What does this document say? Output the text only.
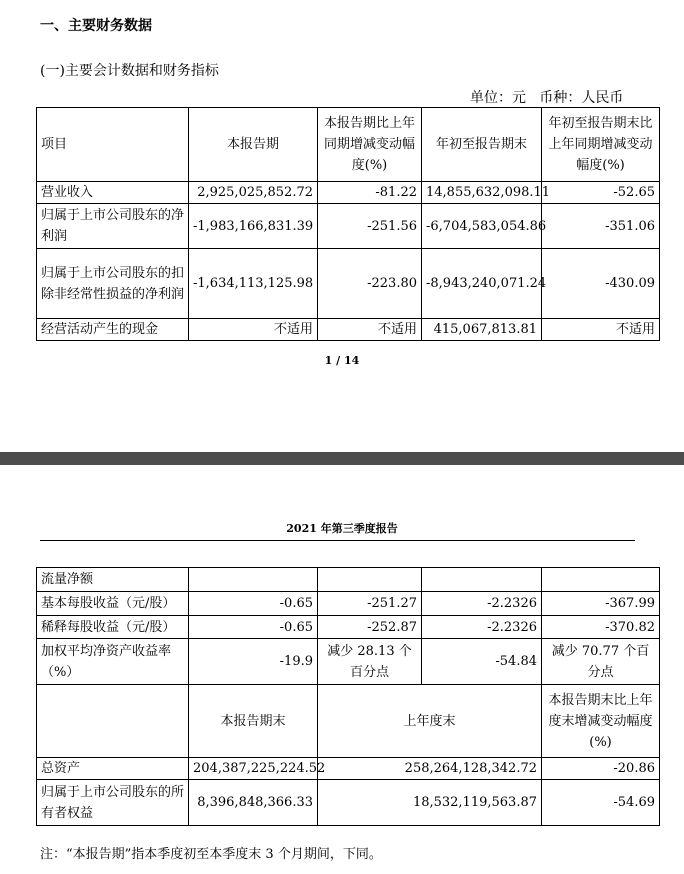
一、主要财务数据
(一)主要会计数据和财务指标
单位：元   币种：人民币
项目	本报告期	本报告期比上年同期增减变动幅度(%)	年初至报告期末	年初至报告期末比上年同期增减变动幅度(%)
营业收入	2,925,025,852.72	-81.22	14,855,632,098.11	-52.65
归属于上市公司股东的净利润	-1,983,166,831.39	-251.56	-6,704,583,054.86	-351.06
归属于上市公司股东的扣除非经常性损益的净利润	-1,634,113,125.98	-223.80	-8,943,240,071.24	-430.09
经营活动产生的现金	不适用	不适用	415,067,813.81	不适用
1 / 14
2021 年第三季度报告
流量净额				
基本每股收益（元/股）	-0.65	-251.27	-2.2326	-367.99
稀释每股收益（元/股）	-0.65	-252.87	-2.2326	-370.82
加权平均净资产收益率（%）	-19.9	减少 28.13 个百分点	-54.84	减少 70.77 个百分点
	本报告期末	上年度末		本报告期末比上年度末增减变动幅度(%)
总资产	204,387,225,224.52	258,264,128,342.72		-20.86
归属于上市公司股东的所有者权益	8,396,848,366.33	18,532,119,563.87		-54.69
注：“本报告期”指本季度初至本季度末 3 个月期间，下同。
